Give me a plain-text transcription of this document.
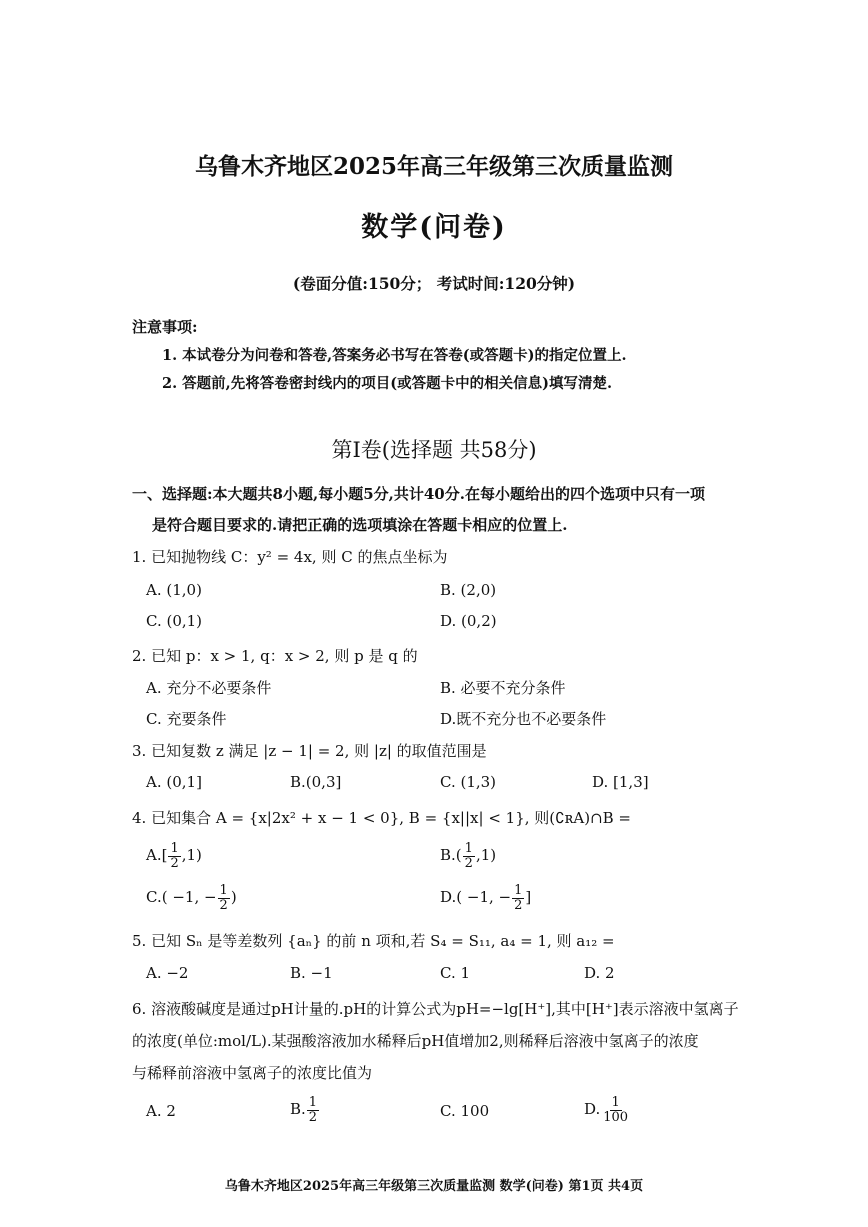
乌鲁木齐地区2025年高三年级第三次质量监测
数学(问卷)
(卷面分值:150分； 考试时间:120分钟)
注意事项:
1. 本试卷分为问卷和答卷,答案务必书写在答卷(或答题卡)的指定位置上.
2. 答题前,先将答卷密封线内的项目(或答题卡中的相关信息)填写清楚.
第Ⅰ卷(选择题 共58分)
一、选择题:本大题共8小题,每小题5分,共计40分.在每小题给出的四个选项中只有一项
是符合题目要求的.请把正确的选项填涂在答题卡相应的位置上.
1. 已知抛物线 C：y² = 4x, 则 C 的焦点坐标为
A. (1,0)	B. (2,0)
C. (0,1)	D. (0,2)
2. 已知 p：x > 1, q：x > 2, 则 p 是 q 的
A. 充分不必要条件	B. 必要不充分条件
C. 充要条件	D.既不充分也不必要条件
3. 已知复数 z 满足 |z − 1| = 2, 则 |z| 的取值范围是
A. (0,1]	B.(0,3]	C. (1,3)	D. [1,3]
4. 已知集合 A = {x|2x² + x − 1 < 0}, B = {x||x| < 1}, 则(∁ʀA)∩B =
$A.[ \frac{1}{2} ,1)$	$B.( \frac{1}{2} ,1)$
C.( −1, − $\frac{1}{2}$ )	D.( −1, − $\frac{1}{2}$ ]
5. 已知 Sₙ 是等差数列 {aₙ} 的前 n 项和,若 S₄ = S₁₁, a₄ = 1, 则 a₁₂ =
A. −2	B. −1	C. 1	D. 2
6. 溶液酸碱度是通过pH计量的.pH的计算公式为pH=−lg[H⁺],其中[H⁺]表示溶液中氢离子
的浓度(单位:mol/L).某强酸溶液加水稀释后pH值增加2,则稀释后溶液中氢离子的浓度
与稀释前溶液中氢离子的浓度比值为
A. 2	B. $\frac{1}{2}$	C. 100	D. $\frac{1}{100}$
乌鲁木齐地区2025年高三年级第三次质量监测 数学(问卷) 第1页 共4页
